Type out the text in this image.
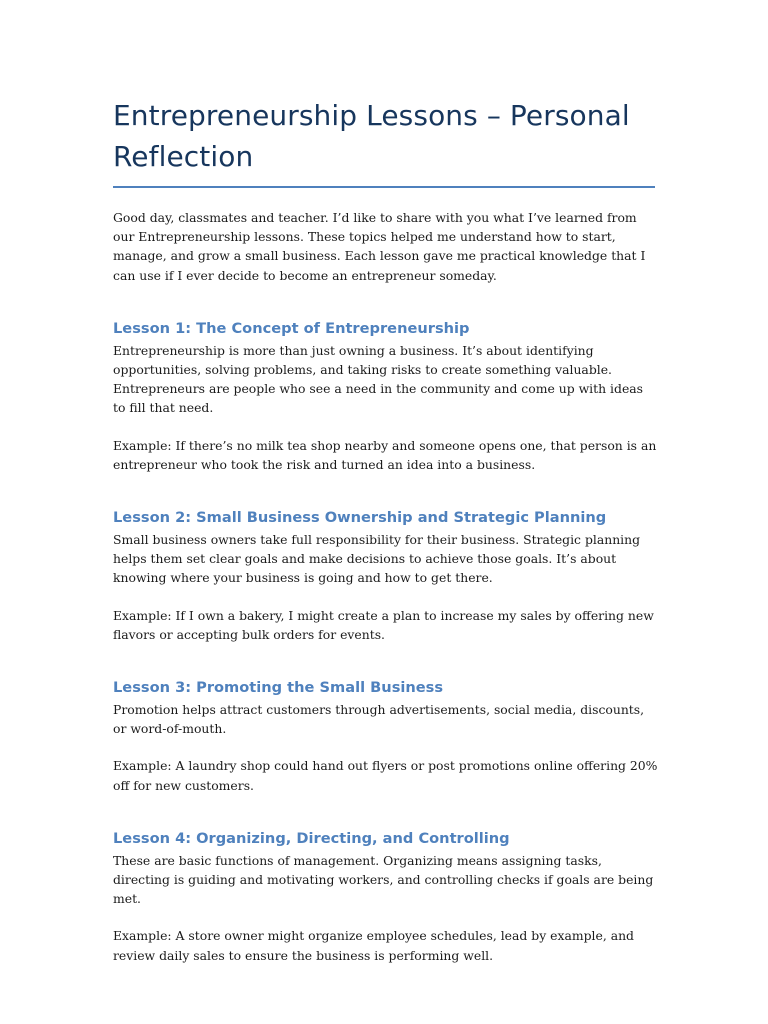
Entrepreneurship Lessons – Personal Reflection

Good day, classmates and teacher. I’d like to share with you what I’ve learned from our Entrepreneurship lessons. These topics helped me understand how to start, manage, and grow a small business. Each lesson gave me practical knowledge that I can use if I ever decide to become an entrepreneur someday.

Lesson 1: The Concept of Entrepreneurship

Entrepreneurship is more than just owning a business. It’s about identifying opportunities, solving problems, and taking risks to create something valuable. Entrepreneurs are people who see a need in the community and come up with ideas to fill that need.

Example: If there’s no milk tea shop nearby and someone opens one, that person is an entrepreneur who took the risk and turned an idea into a business.

Lesson 2: Small Business Ownership and Strategic Planning

Small business owners take full responsibility for their business. Strategic planning helps them set clear goals and make decisions to achieve those goals. It’s about knowing where your business is going and how to get there.

Example: If I own a bakery, I might create a plan to increase my sales by offering new flavors or accepting bulk orders for events.

Lesson 3: Promoting the Small Business

Promotion helps attract customers through advertisements, social media, discounts, or word-of-mouth.

Example: A laundry shop could hand out flyers or post promotions online offering 20% off for new customers.

Lesson 4: Organizing, Directing, and Controlling

These are basic functions of management. Organizing means assigning tasks, directing is guiding and motivating workers, and controlling checks if goals are being met.

Example: A store owner might organize employee schedules, lead by example, and review daily sales to ensure the business is performing well.
